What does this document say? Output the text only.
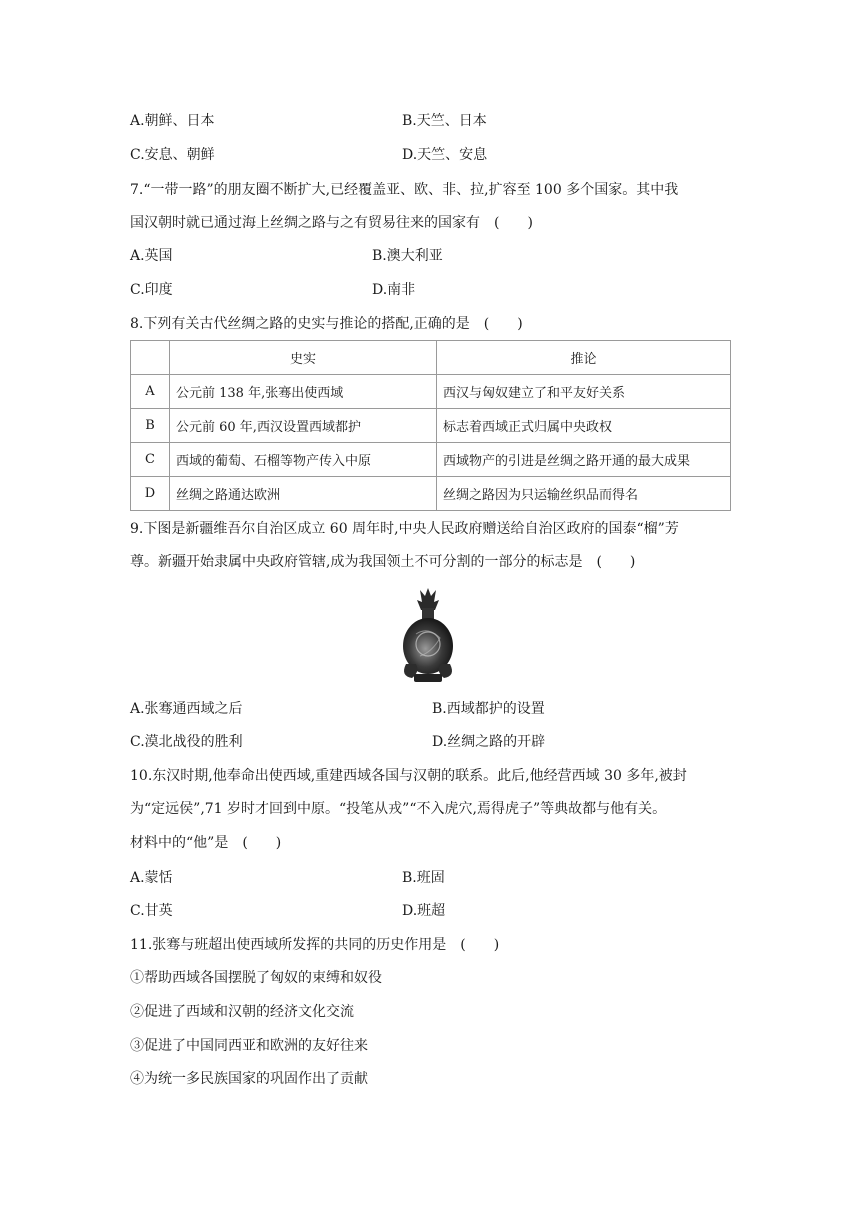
A.朝鲜、日本	B.天竺、日本
C.安息、朝鲜	D.天竺、安息
7.“一带一路”的朋友圈不断扩大,已经覆盖亚、欧、非、拉,扩容至 100 多个国家。其中我
国汉朝时就已通过海上丝绸之路与之有贸易往来的国家有　(　　)
A.英国	B.澳大利亚
C.印度	D.南非
8.下列有关古代丝绸之路的史实与推论的搭配,正确的是　(　　)
	史实	推论
A	公元前 138 年,张骞出使西域	西汉与匈奴建立了和平友好关系
B	公元前 60 年,西汉设置西域都护	标志着西域正式归属中央政权
C	西域的葡萄、石榴等物产传入中原	西域物产的引进是丝绸之路开通的最大成果
D	丝绸之路通达欧洲	丝绸之路因为只运输丝织品而得名
9.下图是新疆维吾尔自治区成立 60 周年时,中央人民政府赠送给自治区政府的国泰“榴”芳
尊。新疆开始隶属中央政府管辖,成为我国领土不可分割的一部分的标志是　(　　)
A.张骞通西域之后	B.西域都护的设置
C.漠北战役的胜利	D.丝绸之路的开辟
10.东汉时期,他奉命出使西域,重建西域各国与汉朝的联系。此后,他经营西域 30 多年,被封
为“定远侯”,71 岁时才回到中原。“投笔从戎”“不入虎穴,焉得虎子”等典故都与他有关。
材料中的“他”是　(　　)
A.蒙恬	B.班固
C.甘英	D.班超
11.张骞与班超出使西域所发挥的共同的历史作用是　(　　)
①帮助西域各国摆脱了匈奴的束缚和奴役
②促进了西域和汉朝的经济文化交流
③促进了中国同西亚和欧洲的友好往来
④为统一多民族国家的巩固作出了贡献
